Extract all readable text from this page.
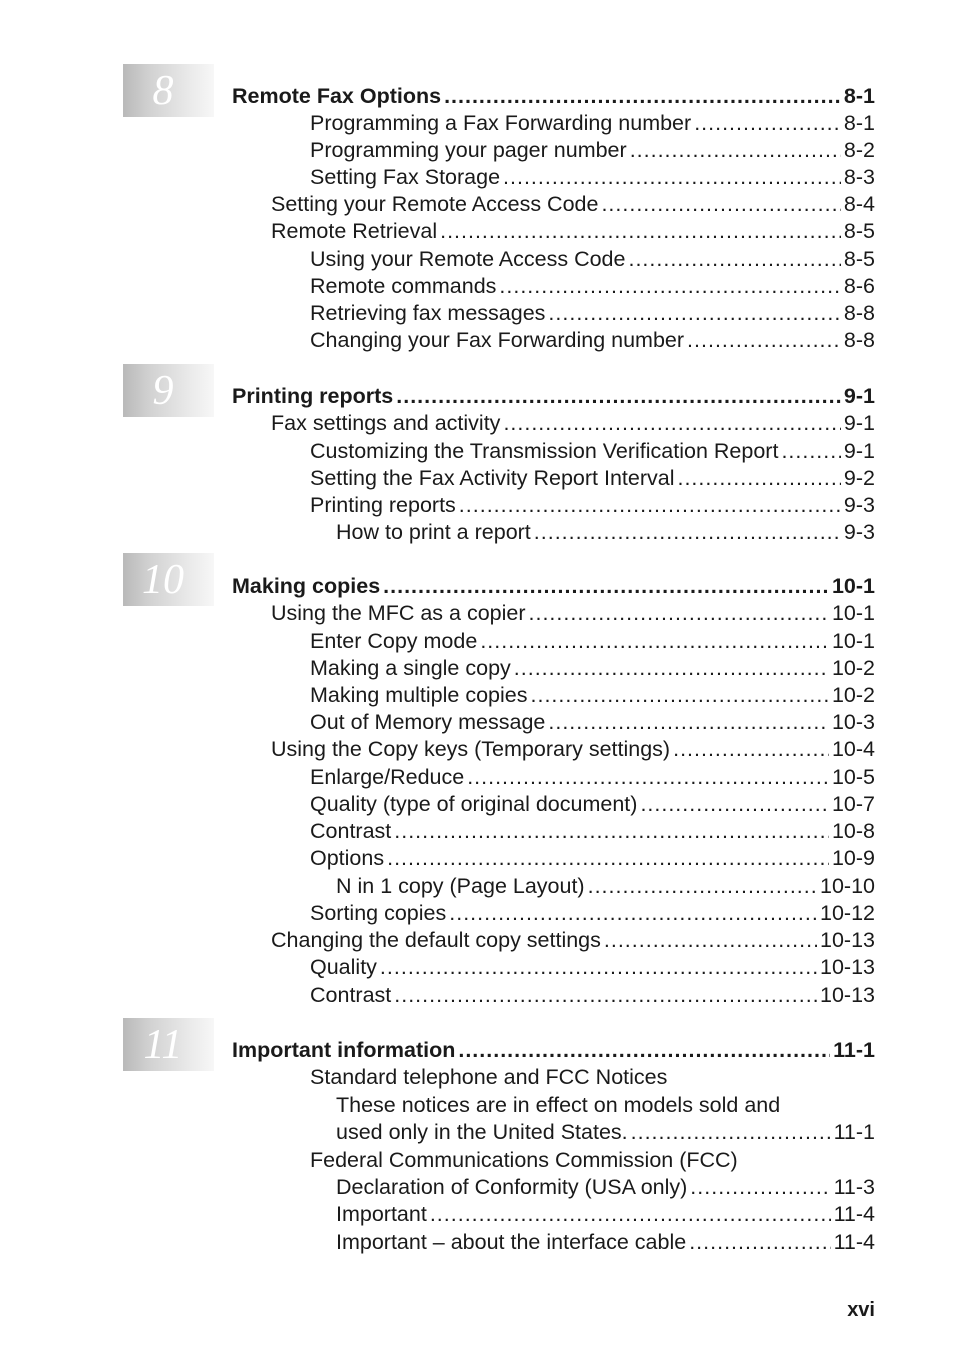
8	Remote Fax Options .....	8-1
Programming a Fax Forwarding number .....	8-1
Programming your pager number .....	8-2
Setting Fax Storage .....	8-3
Setting your Remote Access Code .....	8-4
Remote Retrieval .....	8-5
Using your Remote Access Code .....	8-5
Remote commands .....	8-6
Retrieving fax messages .....	8-8
Changing your Fax Forwarding number .....	8-8
9	Printing reports .....	9-1
Fax settings and activity .....	9-1
Customizing the Transmission Verification Report .....	9-1
Setting the Fax Activity Report Interval .....	9-2
Printing reports .....	9-3
How to print a report .....	9-3
10	Making copies .....	10-1
Using the MFC as a copier .....	10-1
Enter Copy mode .....	10-1
Making a single copy .....	10-2
Making multiple copies .....	10-2
Out of Memory message .....	10-3
Using the Copy keys (Temporary settings) .....	10-4
Enlarge/Reduce .....	10-5
Quality (type of original document) .....	10-7
Contrast .....	10-8
Options .....	10-9
N in 1 copy (Page Layout) .....	10-10
Sorting copies .....	10-12
Changing the default copy settings .....	10-13
Quality .....	10-13
Contrast .....	10-13
11	Important information .....	11-1
Standard telephone and FCC Notices
These notices are in effect on models sold and
used only in the United States. .....	11-1
Federal Communications Commission (FCC)
Declaration of Conformity (USA only) .....	11-3
Important .....	11-4
Important – about the interface cable .....	11-4
xvi
